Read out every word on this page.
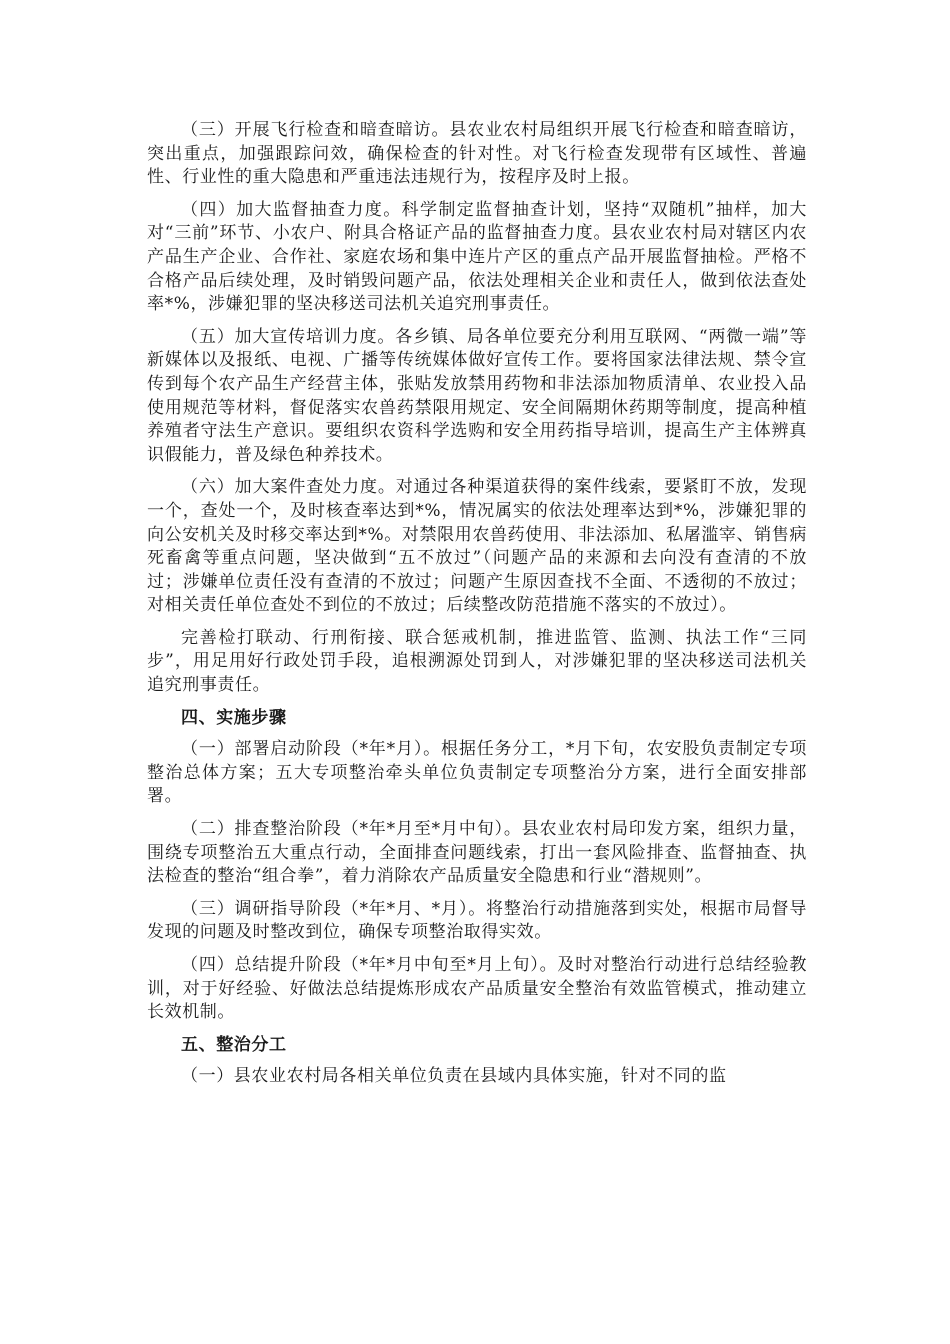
（三）开展飞行检查和暗查暗访。县农业农村局组织开展飞行检查和暗查暗访，突出重点，加强跟踪问效，确保检查的针对性。对飞行检查发现带有区域性、普遍性、行业性的重大隐患和严重违法违规行为，按程序及时上报。

（四）加大监督抽查力度。科学制定监督抽查计划，坚持“双随机”抽样，加大对“三前”环节、小农户、附具合格证产品的监督抽查力度。县农业农村局对辖区内农产品生产企业、合作社、家庭农场和集中连片产区的重点产品开展监督抽检。严格不合格产品后续处理，及时销毁问题产品，依法处理相关企业和责任人，做到依法查处率*%，涉嫌犯罪的坚决移送司法机关追究刑事责任。

（五）加大宣传培训力度。各乡镇、局各单位要充分利用互联网、“两微一端”等新媒体以及报纸、电视、广播等传统媒体做好宣传工作。要将国家法律法规、禁令宣传到每个农产品生产经营主体，张贴发放禁用药物和非法添加物质清单、农业投入品使用规范等材料，督促落实农兽药禁限用规定、安全间隔期休药期等制度，提高种植养殖者守法生产意识。要组织农资科学选购和安全用药指导培训，提高生产主体辨真识假能力，普及绿色种养技术。

（六）加大案件查处力度。对通过各种渠道获得的案件线索，要紧盯不放，发现一个，查处一个，及时核查率达到*%，情况属实的依法处理率达到*%，涉嫌犯罪的向公安机关及时移交率达到*%。对禁限用农兽药使用、非法添加、私屠滥宰、销售病死畜禽等重点问题，坚决做到“五不放过”（问题产品的来源和去向没有查清的不放过；涉嫌单位责任没有查清的不放过；问题产生原因查找不全面、不透彻的不放过；对相关责任单位查处不到位的不放过；后续整改防范措施不落实的不放过）。

完善检打联动、行刑衔接、联合惩戒机制，推进监管、监测、执法工作“三同步”，用足用好行政处罚手段，追根溯源处罚到人，对涉嫌犯罪的坚决移送司法机关追究刑事责任。

四、实施步骤

（一）部署启动阶段（*年*月）。根据任务分工，*月下旬，农安股负责制定专项整治总体方案；五大专项整治牵头单位负责制定专项整治分方案，进行全面安排部署。

（二）排查整治阶段（*年*月至*月中旬）。县农业农村局印发方案，组织力量，围绕专项整治五大重点行动，全面排查问题线索，打出一套风险排查、监督抽查、执法检查的整治“组合拳”，着力消除农产品质量安全隐患和行业“潜规则”。

（三）调研指导阶段（*年*月、*月）。将整治行动措施落到实处，根据市局督导发现的问题及时整改到位，确保专项整治取得实效。

（四）总结提升阶段（*年*月中旬至*月上旬）。及时对整治行动进行总结经验教训，对于好经验、好做法总结提炼形成农产品质量安全整治有效监管模式，推动建立长效机制。

五、整治分工

（一）县农业农村局各相关单位负责在县域内具体实施，针对不同的监
